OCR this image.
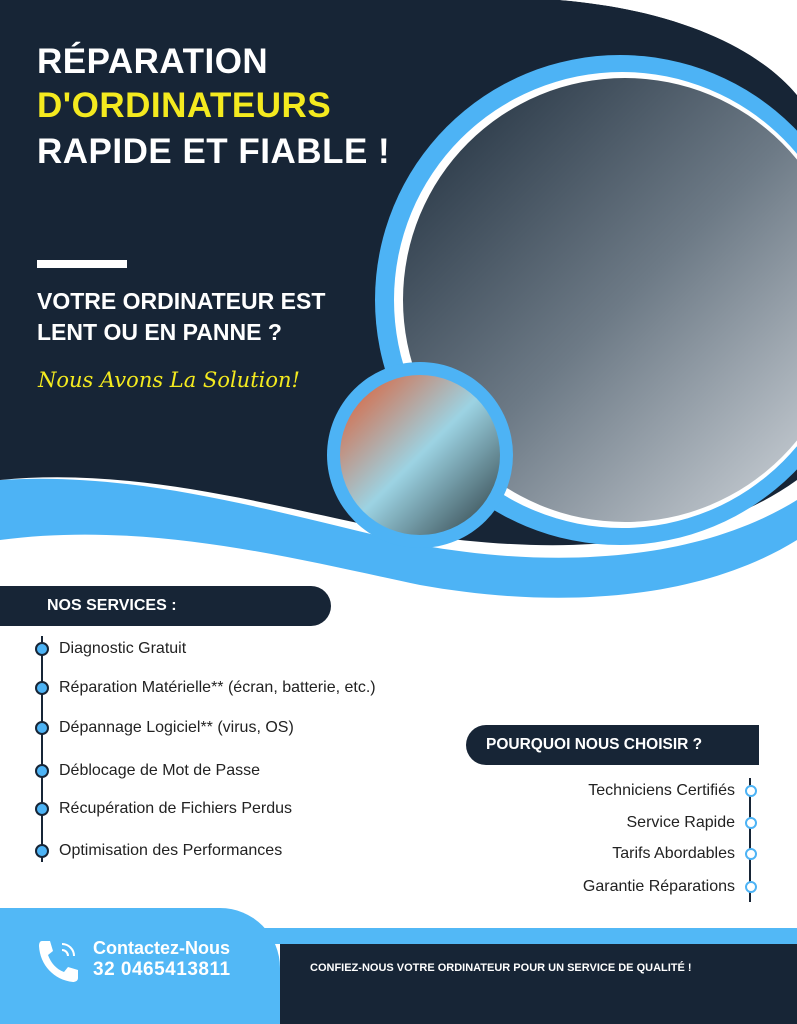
RÉPARATION
D'ORDINATEURS
RAPIDE ET FIABLE !
VOTRE ORDINATEUR EST
LENT OU EN PANNE ?
Nous Avons La Solution!
NOS SERVICES :
Diagnostic Gratuit
Réparation Matérielle** (écran, batterie, etc.)
Dépannage Logiciel** (virus, OS)
Déblocage de Mot de Passe
Récupération de Fichiers Perdus
Optimisation des Performances
POURQUOI NOUS CHOISIR ?
Techniciens Certifiés
Service Rapide
Tarifs Abordables
Garantie Réparations
Contactez-Nous
32 0465413811	CONFIEZ-NOUS VOTRE ORDINATEUR POUR UN SERVICE DE QUALITÉ !
